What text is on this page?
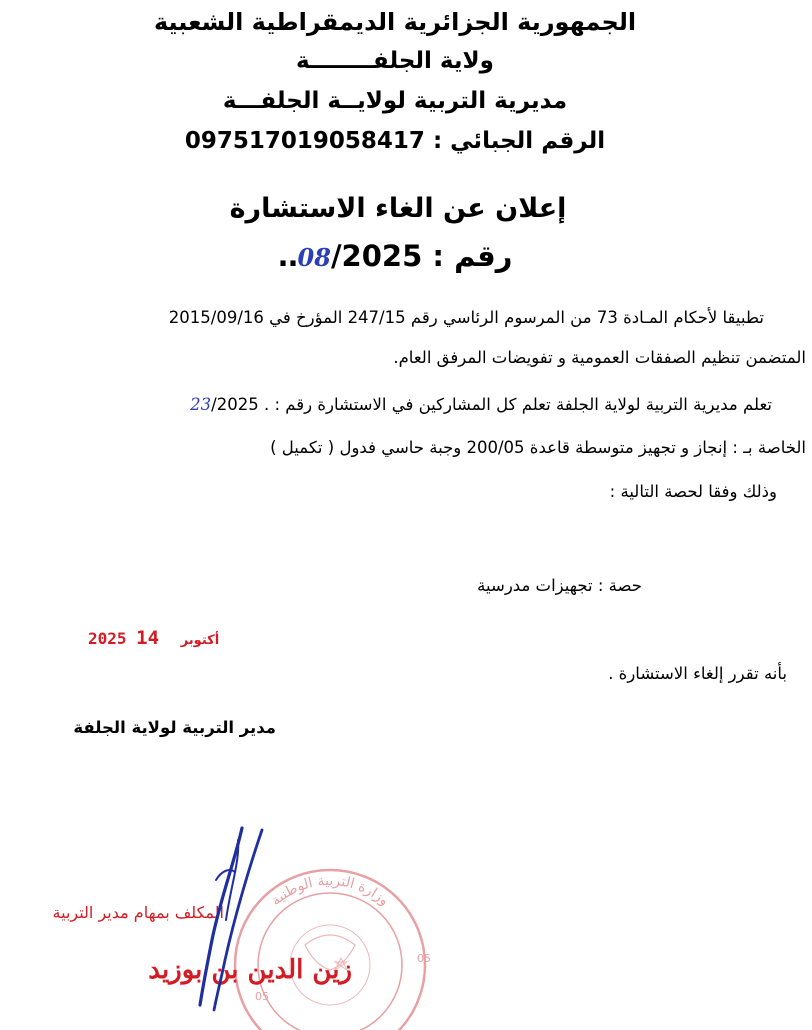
الجمهورية الجزائرية الديمقراطية الشعبية
ولاية الجلفــــــــة
مديرية التربية لولايــة الجلفـــة
الرقم الجبائي : 097517019058417
إعلان عن الغاء الاستشارة
رقم : ..08/2025
تطبيقا لأحكام المـادة 73 من المرسوم الرئاسي رقم 247/15 المؤرخ في 2015/09/16
المتضمن تنظيم الصفقات العمومية و تفويضات المرفق العام.
تعلم مديرية التربية لولاية الجلفة تعلم كل المشاركين في الاستشارة رقم : . 23/2025
الخاصة بـ : إنجاز و تجهيز متوسطة قاعدة 200/05 وجبة حاسي فدول ( تكميل )
وذلك وفقا لحصة التالية :
حصة : تجهيزات مدرسية
2025	أكتوبر 14
بأنه تقرر إلغاء الاستشارة .
مدير التربية لولاية الجلفة
وزارة التربية الوطنية
05
05
المكلف بمهام مدير التربية
زين الدين بن بوزيد
